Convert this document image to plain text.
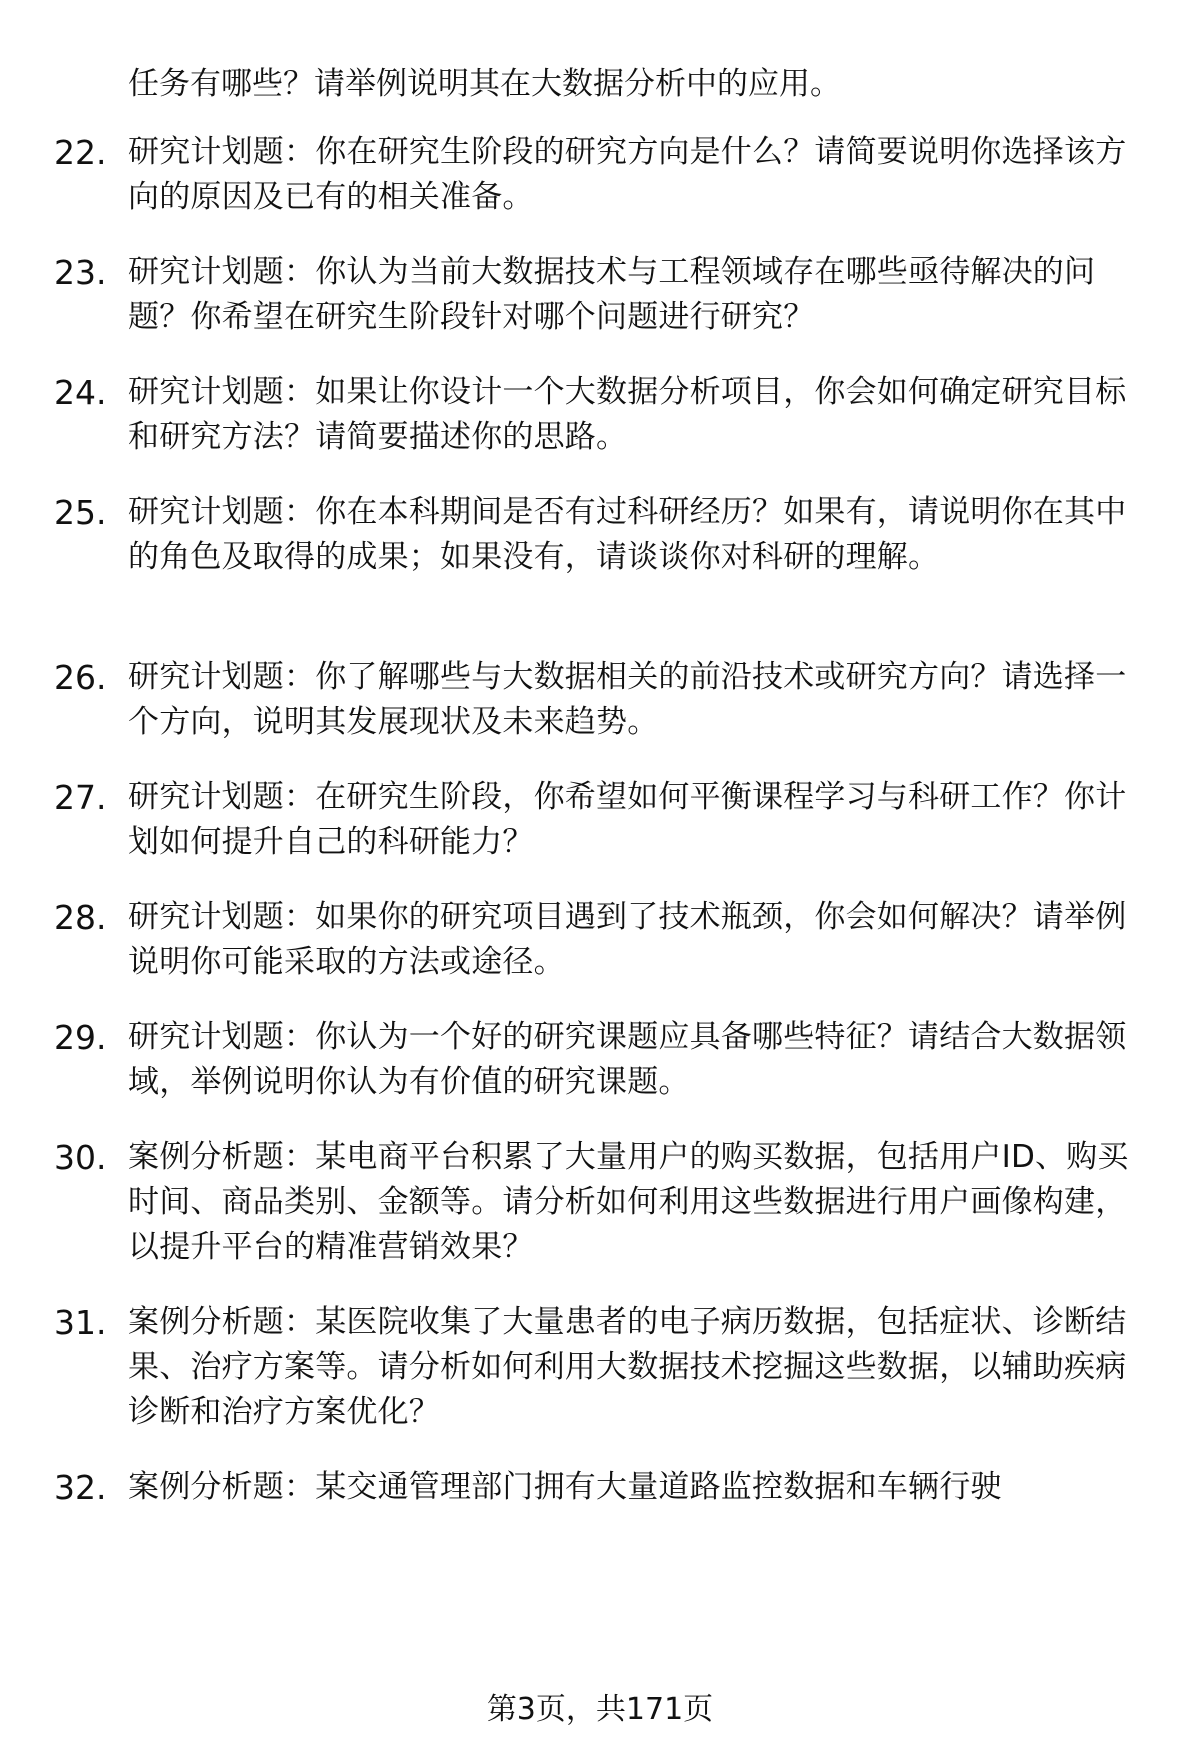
任务有哪些？请举例说明其在大数据分析中的应用。
22. 研究计划题：你在研究生阶段的研究方向是什么？请简要说明你选择该方向的原因及已有的相关准备。
23. 研究计划题：你认为当前大数据技术与工程领域存在哪些亟待解决的问题？你希望在研究生阶段针对哪个问题进行研究？
24. 研究计划题：如果让你设计一个大数据分析项目，你会如何确定研究目标和研究方法？请简要描述你的思路。
25. 研究计划题：你在本科期间是否有过科研经历？如果有，请说明你在其中的角色及取得的成果；如果没有，请谈谈你对科研的理解。
26. 研究计划题：你了解哪些与大数据相关的前沿技术或研究方向？请选择一个方向，说明其发展现状及未来趋势。
27. 研究计划题：在研究生阶段，你希望如何平衡课程学习与科研工作？你计划如何提升自己的科研能力？
28. 研究计划题：如果你的研究项目遇到了技术瓶颈，你会如何解决？请举例说明你可能采取的方法或途径。
29. 研究计划题：你认为一个好的研究课题应具备哪些特征？请结合大数据领域，举例说明你认为有价值的研究课题。
30. 案例分析题：某电商平台积累了大量用户的购买数据，包括用户ID、购买时间、商品类别、金额等。请分析如何利用这些数据进行用户画像构建，以提升平台的精准营销效果？
31. 案例分析题：某医院收集了大量患者的电子病历数据，包括症状、诊断结果、治疗方案等。请分析如何利用大数据技术挖掘这些数据，以辅助疾病诊断和治疗方案优化？
32. 案例分析题：某交通管理部门拥有大量道路监控数据和车辆行驶
第3页，共171页
